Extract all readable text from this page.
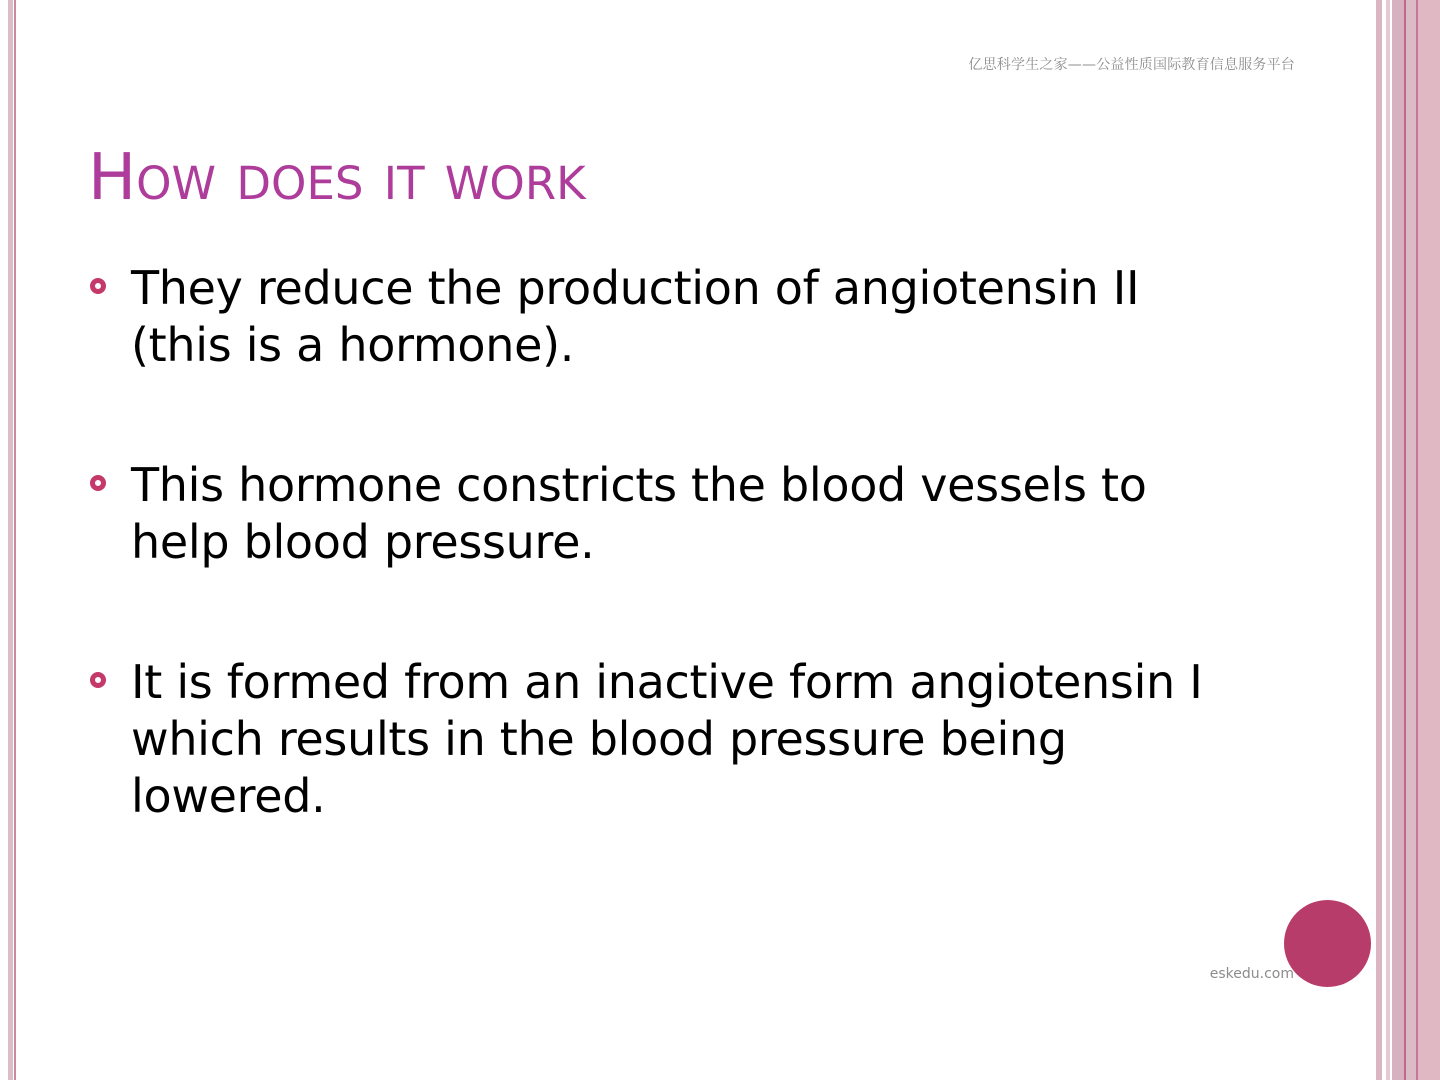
亿思科学生之家——公益性质国际教育信息服务平台
How does it work
They reduce the production of angiotensin II (this is a hormone).
This hormone constricts the blood vessels to help blood pressure.
It is formed from an inactive form angiotensin I which results in the blood pressure being lowered.
eskedu.com
